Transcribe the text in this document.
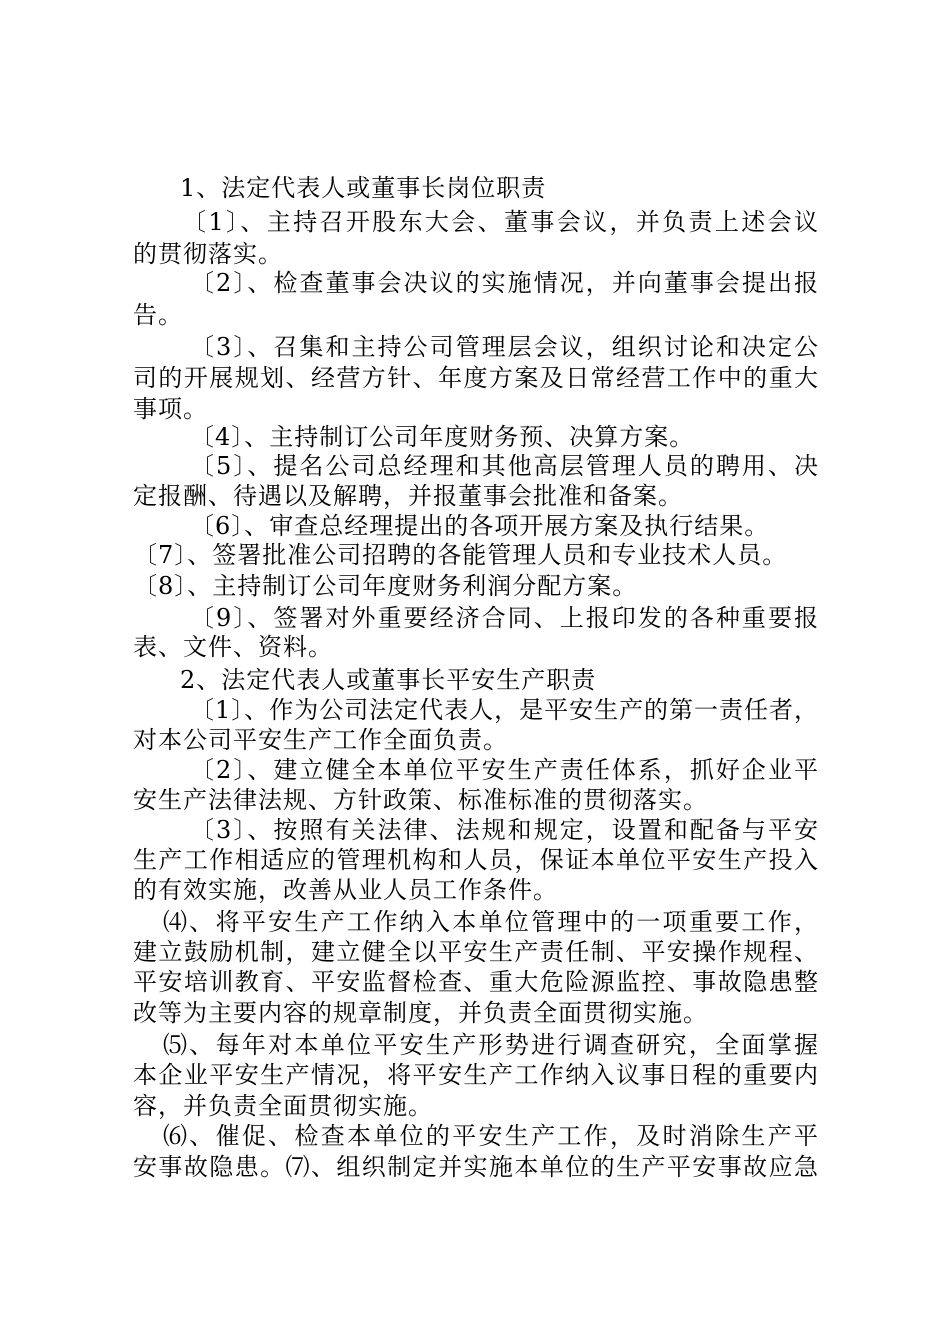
1、法定代表人或董事长岗位职责
〔1〕、主持召开股东大会、董事会议，并负责上述会议
的贯彻落实。
〔2〕、检查董事会决议的实施情况，并向董事会提出报
告。
〔3〕、召集和主持公司管理层会议，组织讨论和决定公
司的开展规划、经营方针、年度方案及日常经营工作中的重大
事项。
〔4〕、主持制订公司年度财务预、决算方案。
〔5〕、提名公司总经理和其他高层管理人员的聘用、决
定报酬、待遇以及解聘，并报董事会批准和备案。
〔6〕、审查总经理提出的各项开展方案及执行结果。
〔7〕、签署批准公司招聘的各能管理人员和专业技术人员。
〔8〕、主持制订公司年度财务利润分配方案。
〔9〕、签署对外重要经济合同、上报印发的各种重要报
表、文件、资料。
2、法定代表人或董事长平安生产职责
〔1〕、作为公司法定代表人，是平安生产的第一责任者，
对本公司平安生产工作全面负责。
〔2〕、建立健全本单位平安生产责任体系，抓好企业平
安生产法律法规、方针政策、标准标准的贯彻落实。
〔3〕、按照有关法律、法规和规定，设置和配备与平安
生产工作相适应的管理机构和人员，保证本单位平安生产投入
的有效实施，改善从业人员工作条件。
⑷、将平安生产工作纳入本单位管理中的一项重要工作，
建立鼓励机制，建立健全以平安生产责任制、平安操作规程、
平安培训教育、平安监督检查、重大危险源监控、事故隐患整
改等为主要内容的规章制度，并负责全面贯彻实施。
⑸、每年对本单位平安生产形势进行调查研究，全面掌握
本企业平安生产情况，将平安生产工作纳入议事日程的重要内
容，并负责全面贯彻实施。
⑹、催促、检查本单位的平安生产工作，及时消除生产平
安事故隐患。⑺、组织制定并实施本单位的生产平安事故应急
